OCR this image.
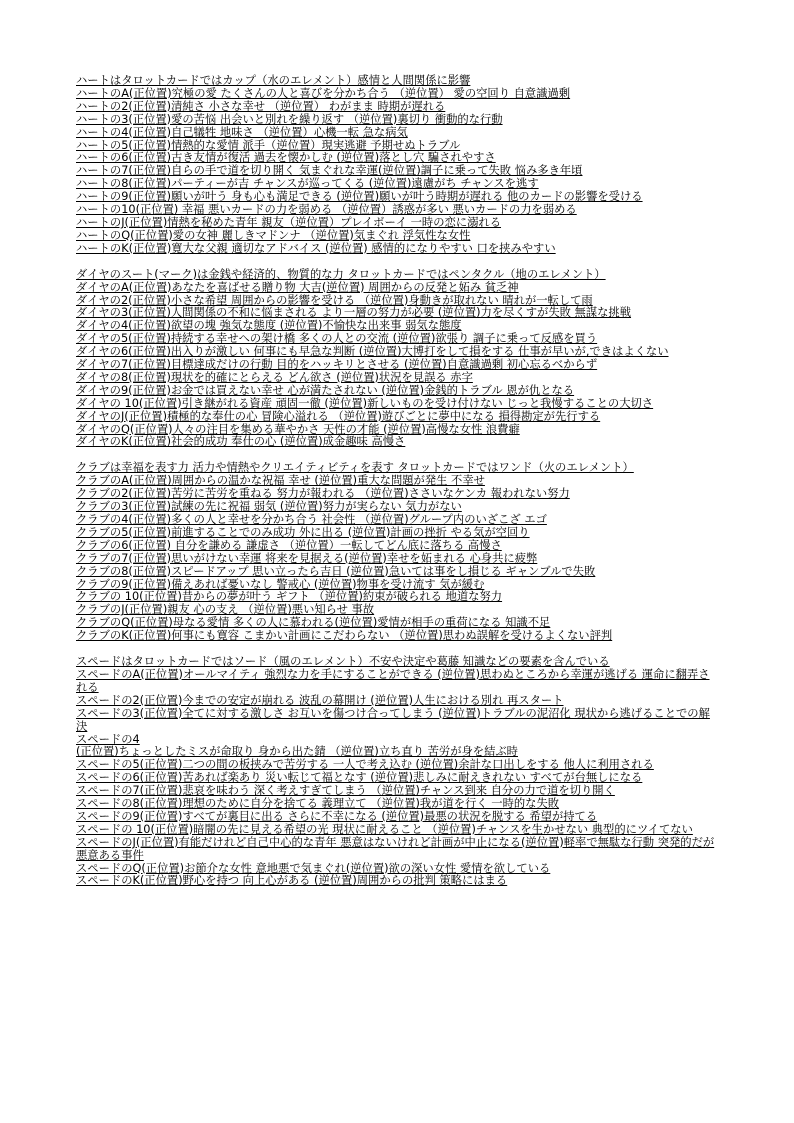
ハートはタロットカードではカップ（水のエレメント）感情と人間関係に影響

ハートのA(正位置)究極の愛 たくさんの人と喜びを分かち合う （逆位置） 愛の空回り 自意識過剰

ハートの2(正位置)清純さ 小さな幸せ （逆位置） わがまま 時期が遅れる

ハートの3(正位置)愛の苦悩 出会いと別れを繰り返す （逆位置)裏切り 衝動的な行動

ハートの4(正位置)自己犠牲 地味さ （逆位置）心機一転 急な病気

ハートの5(正位置)情熱的な愛情 派手（逆位置）現実逃避 予期せぬトラブル

ハートの6(正位置)古き友情が復活 過去を懐かしむ (逆位置)落とし穴 騙されやすさ

ハートの7(正位置)自らの手で道を切り開く 気まぐれな幸運(逆位置)調子に乗って失敗 悩み多き年頃

ハートの8(正位置)パーティーが吉 チャンスが巡ってくる (逆位置)遠慮がち チャンスを逃す

ハートの9(正位置)願いが叶う 身も心も満足できる (逆位置)願いが叶う時期が遅れる 他のカードの影響を受ける

ハートの10(正位置) 幸福 悪いカードの力を弱める （逆位置）誘惑が多い 悪いカードの力を弱める

ハートのJ(正位置)情熱を秘めた青年 親友（逆位置）プレイボーイ 一時の恋に溺れる

ハートのQ(正位置)愛の女神 麗しきマドンナ （逆位置)気まぐれ 浮気性な女性

ハートのK(正位置)寛大な父親 適切なアドバイス (逆位置) 感情的になりやすい 口を挟みやすい

ダイヤのスート(マーク)は金銭や経済的、物質的な力 タロットカードではペンタクル（地のエレメント）

ダイヤのA(正位置)あなたを喜ばせる贈り物 大吉(逆位置) 周囲からの反発と妬み 貧乏神

ダイヤの2(正位置)小さな希望 周囲からの影響を受ける （逆位置)身動きが取れない 晴れが一転して雨

ダイヤの3(正位置)人間関係の不和に悩まされる より一層の努力が必要 (逆位置)力を尽くすが失敗 無謀な挑戦

ダイヤの4(正位置)欲望の塊 強気な態度 (逆位置)不愉快な出来事 弱気な態度

ダイヤの5(正位置)持続する幸せへの架け橋 多くの人との交流 (逆位置)欲張り 調子に乗って反感を買う

ダイヤの6(正位置)出入りが激しい 何事にも早急な判断 (逆位置)大博打をして損をする 仕事が早いが,できはよくない

ダイヤの7(正位置)目標達成だけの行動 目的をハッキリとさせる (逆位置)自意識過剰 初心忘るべからず

ダイヤの8(正位置)現状を的確にとらえる どん欲さ (逆位置)状況を見誤る 赤字

ダイヤの9(正位置)お金では買えない幸せ 心が満たされない (逆位置)金銭的トラブル 恩が仇となる

ダイヤの 10(正位置)引き継がれる資産 頑固一徹 (逆位置)新しいものを受け付けない じっと我慢することの大切さ

ダイヤのJ(正位置)積極的な奉仕の心 冒険心溢れる （逆位置)遊びごとに夢中になる 損得勘定が先行する

ダイヤのQ(正位置)人々の注目を集める華やかさ 天性の才能 (逆位置)高慢な女性 浪費癖

ダイヤのK(正位置)社会的成功 奉仕の心 (逆位置)成金趣味 高慢さ

クラブは幸福を表す力 活力や情熱やクリエイティビティを表す タロットカードではワンド（火のエレメント）

クラブのA(正位置)周囲からの温かな祝福 幸せ (逆位置)重大な問題が発生 不幸せ

クラブの2(正位置)苦労に苦労を重ねる 努力が報われる （逆位置)ささいなケンカ 報われない努力

クラブの3(正位置)試練の先に祝福 弱気 (逆位置)努力が実らない 気力がない

クラブの4(正位置)多くの人と幸せを分かち合う 社会性 （逆位置)グループ内のいざこざ エゴ

クラブの5(正位置)前進することでのみ成功 外に出る (逆位置)計画の挫折 やる気が空回り

クラブの6(正位置) 自分を謙める 謙虚さ （逆位置）一転してどん底に落ちる 高慢さ

クラブの7(正位置)思いがけない幸運 将来を見据える(逆位置)幸せを妬まれる 心身共に疲弊

クラブの8(正位置)スピードアップ 思い立ったら吉日 (逆位置)急いては事をし損じる ギャンブルで失敗

クラブの9(正位置)備えあれば憂いなし 警戒心 (逆位置)物事を受け流す 気が緩む

クラブの 10(正位置)昔からの夢が叶う ギフト （逆位置)約束が破られる 地道な努力

クラブのJ(正位置)親友 心の支え （逆位置)悪い知らせ 事故

クラブのQ(正位置)母なる愛情 多くの人に慕われる(逆位置)愛情が相手の重荷になる 知識不足

クラブのK(正位置)何事にも寛容 こまかい計画にこだわらない （逆位置)思わぬ誤解を受けるよくない評判

スペードはタロットカードではソード（風のエレメント）不安や決定や葛藤 知識などの要素を含んでいる

スペードのA(正位置)オールマイティ 強烈な力を手にすることができる (逆位置)思わぬところから幸運が逃げる 運命に翻弄される

スペードの2(正位置)今までの安定が崩れる 波乱の幕開け (逆位置)人生における別れ 再スタート

スペードの3(正位置)全てに対する激しさ お互いを傷つけ合ってしまう (逆位置)トラブルの泥沼化 現状から逃げることでの解決

スペードの4

(正位置)ちょっとしたミスが命取り 身から出た錆 （逆位置)立ち直り 苦労が身を結ぶ時

スペードの5(正位置)二つの間の板挟みで苦労する 一人で考え込む (逆位置)余計な口出しをする 他人に利用される

スペードの6(正位置)苦あれば楽あり 災い転じて福となす (逆位置)悲しみに耐えきれない すべてが台無しになる

スペードの7(正位置)悲哀を味わう 深く考えすぎてしまう （逆位置)チャンス到来 自分の力で道を切り開く

スペードの8(正位置)理想のために自分を捨てる 義理立て （逆位置)我が道を行く 一時的な失敗

スペードの9(正位置)すべてが裏目に出る さらに不幸になる (逆位置)最悪の状況を脱する 希望が持てる

スペードの 10(正位置)暗闇の先に見える希望の光 現状に耐えること （逆位置)チャンスを生かせない 典型的にツイてない

スペードのJ(正位置)有能だけれど自己中心的な青年 悪意はないけれど計画が中止になる(逆位置)軽率で無駄な行動 突発的だが悪意ある事件

スペードのQ(正位置)お節介な女性 意地悪で気まぐれ(逆位置)欲の深い女性 愛情を欲している

スペードのK(正位置)野心を持つ 向上心がある (逆位置)周囲からの批判 策略にはまる
